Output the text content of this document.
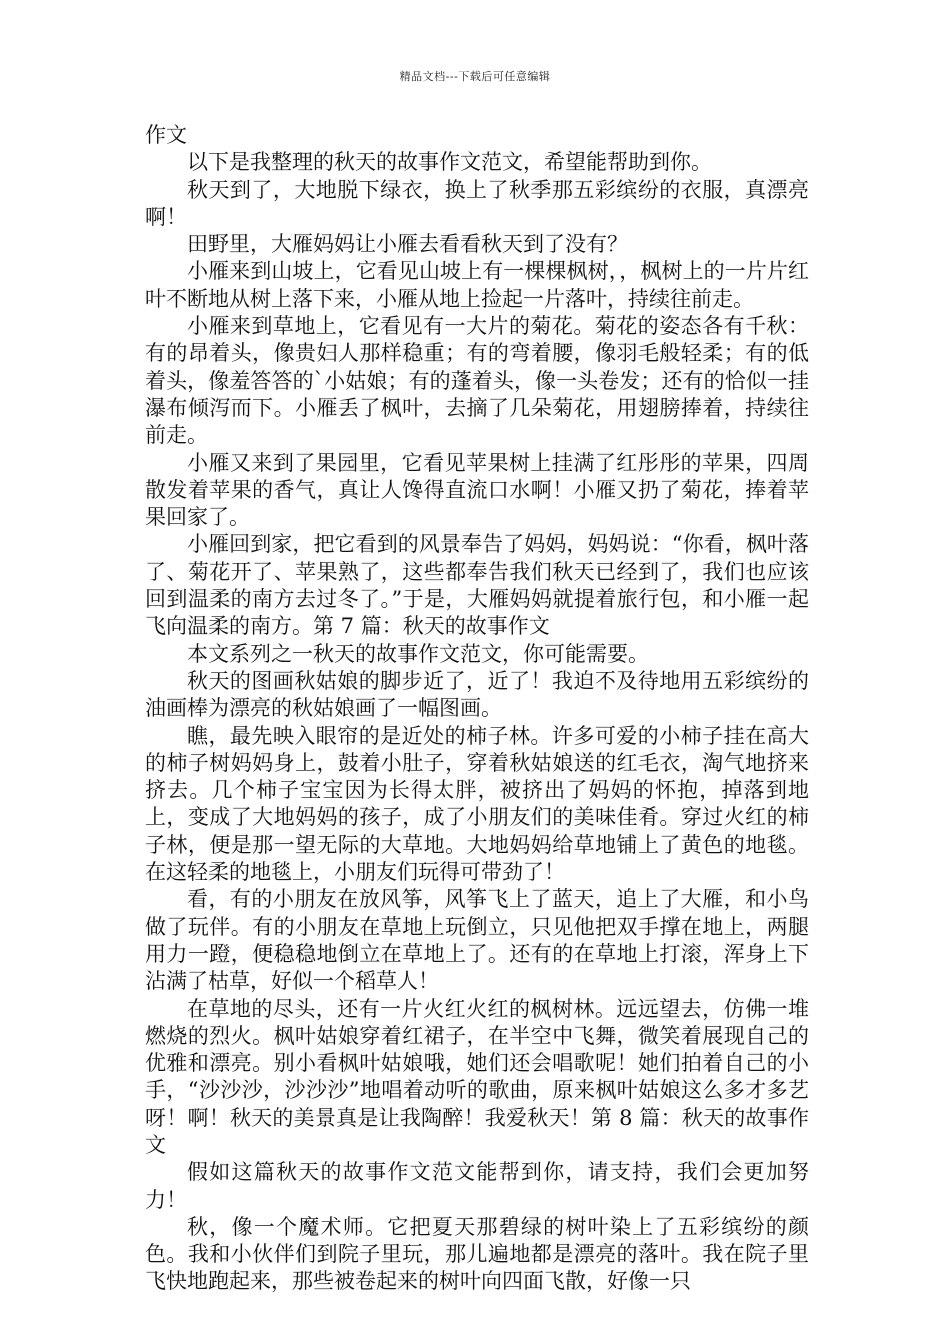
精品文档---下载后可任意编辑

作文

以下是我整理的秋天的故事作文范文，希望能帮助到你。

秋天到了，大地脱下绿衣，换上了秋季那五彩缤纷的衣服，真漂亮啊！

田野里，大雁妈妈让小雁去看看秋天到了没有？

小雁来到山坡上，它看见山坡上有一棵棵枫树，，枫树上的一片片红叶不断地从树上落下来，小雁从地上捡起一片落叶，持续往前走。

小雁来到草地上，它看见有一大片的菊花。菊花的姿态各有千秋：有的昂着头，像贵妇人那样稳重；有的弯着腰，像羽毛般轻柔；有的低着头，像羞答答的`小姑娘；有的蓬着头，像一头卷发；还有的恰似一挂瀑布倾泻而下。小雁丢了枫叶，去摘了几朵菊花，用翅膀捧着，持续往前走。

小雁又来到了果园里，它看见苹果树上挂满了红彤彤的苹果，四周散发着苹果的香气，真让人馋得直流口水啊！小雁又扔了菊花，捧着苹果回家了。

小雁回到家，把它看到的风景奉告了妈妈，妈妈说：“你看，枫叶落了、菊花开了、苹果熟了，这些都奉告我们秋天已经到了，我们也应该回到温柔的南方去过冬了。”于是，大雁妈妈就提着旅行包，和小雁一起飞向温柔的南方。第 7 篇：秋天的故事作文

本文系列之一秋天的故事作文范文，你可能需要。

秋天的图画秋姑娘的脚步近了，近了！我迫不及待地用五彩缤纷的油画棒为漂亮的秋姑娘画了一幅图画。

瞧，最先映入眼帘的是近处的柿子林。许多可爱的小柿子挂在高大的柿子树妈妈身上，鼓着小肚子，穿着秋姑娘送的红毛衣，淘气地挤来挤去。几个柿子宝宝因为长得太胖，被挤出了妈妈的怀抱，掉落到地上，变成了大地妈妈的孩子，成了小朋友们的美味佳肴。穿过火红的柿子林，便是那一望无际的大草地。大地妈妈给草地铺上了黄色的地毯。在这轻柔的地毯上，小朋友们玩得可带劲了！

看，有的小朋友在放风筝，风筝飞上了蓝天，追上了大雁，和小鸟做了玩伴。有的小朋友在草地上玩倒立，只见他把双手撑在地上，两腿用力一蹬，便稳稳地倒立在草地上了。还有的在草地上打滚，浑身上下沾满了枯草，好似一个稻草人！

在草地的尽头，还有一片火红火红的枫树林。远远望去，仿佛一堆燃烧的烈火。枫叶姑娘穿着红裙子，在半空中飞舞，微笑着展现自己的优雅和漂亮。别小看枫叶姑娘哦，她们还会唱歌呢！她们拍着自己的小手，“沙沙沙，沙沙沙”地唱着动听的歌曲，原来枫叶姑娘这么多才多艺呀！啊！秋天的美景真是让我陶醉！我爱秋天！第 8 篇：秋天的故事作文

假如这篇秋天的故事作文范文能帮到你，请支持，我们会更加努力！

秋，像一个魔术师。它把夏天那碧绿的树叶染上了五彩缤纷的颜色。我和小伙伴们到院子里玩，那儿遍地都是漂亮的落叶。我在院子里飞快地跑起来，那些被卷起来的树叶向四面飞散，好像一只
